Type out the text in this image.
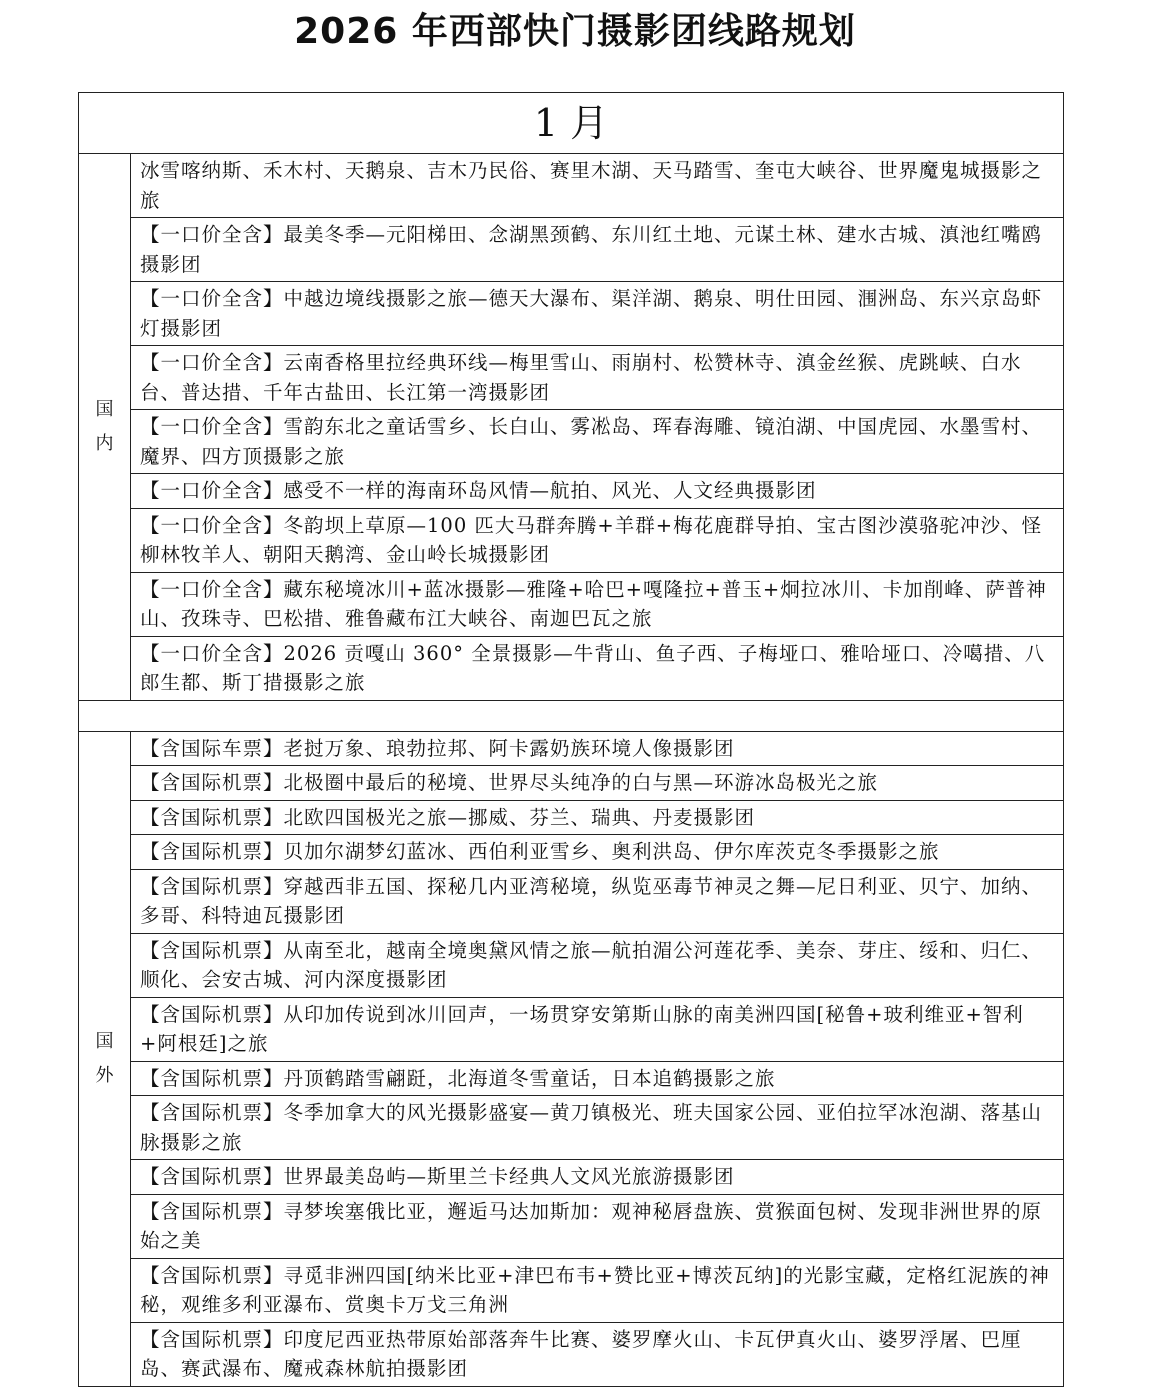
2026 年西部快门摄影团线路规划
1 月	

国
内	冰雪喀纳斯、禾木村、天鹅泉、吉木乃民俗、赛里木湖、天马踏雪、奎屯大峡谷、世界魔鬼城摄影之旅
	【一口价全含】最美冬季—元阳梯田、念湖黑颈鹤、东川红土地、元谋土林、建水古城、滇池红嘴鸥摄影团
	【一口价全含】中越边境线摄影之旅—德天大瀑布、渠洋湖、鹅泉、明仕田园、涠洲岛、东兴京岛虾灯摄影团
	【一口价全含】云南香格里拉经典环线—梅里雪山、雨崩村、松赞林寺、滇金丝猴、虎跳峡、白水台、普达措、千年古盐田、长江第一湾摄影团
	【一口价全含】雪韵东北之童话雪乡、长白山、雾凇岛、珲春海雕、镜泊湖、中国虎园、水墨雪村、魔界、四方顶摄影之旅
	【一口价全含】感受不一样的海南环岛风情—航拍、风光、人文经典摄影团
	【一口价全含】冬韵坝上草原—100 匹大马群奔腾+羊群+梅花鹿群导拍、宝古图沙漠骆驼冲沙、怪柳林牧羊人、朝阳天鹅湾、金山岭长城摄影团
	【一口价全含】藏东秘境冰川+蓝冰摄影—雅隆+哈巴+嘎隆拉+普玉+炯拉冰川、卡加削峰、萨普神山、孜珠寺、巴松措、雅鲁藏布江大峡谷、南迦巴瓦之旅
	【一口价全含】2026 贡嘎山 360° 全景摄影—牛背山、鱼子西、子梅垭口、雅哈垭口、冷噶措、八郎生都、斯丁措摄影之旅

国
外	【含国际车票】老挝万象、琅勃拉邦、阿卡露奶族环境人像摄影团
	【含国际机票】北极圈中最后的秘境、世界尽头纯净的白与黑—环游冰岛极光之旅
	【含国际机票】北欧四国极光之旅—挪威、芬兰、瑞典、丹麦摄影团
	【含国际机票】贝加尔湖梦幻蓝冰、西伯利亚雪乡、奥利洪岛、伊尔库茨克冬季摄影之旅
	【含国际机票】穿越西非五国、探秘几内亚湾秘境，纵览巫毒节神灵之舞—尼日利亚、贝宁、加纳、多哥、科特迪瓦摄影团
	【含国际机票】从南至北，越南全境奥黛风情之旅—航拍湄公河莲花季、美奈、芽庄、绥和、归仁、顺化、会安古城、河内深度摄影团
	【含国际机票】从印加传说到冰川回声，一场贯穿安第斯山脉的南美洲四国[秘鲁+玻利维亚+智利+阿根廷]之旅
	【含国际机票】丹顶鹤踏雪翩跹，北海道冬雪童话，日本追鹤摄影之旅
	【含国际机票】冬季加拿大的风光摄影盛宴—黄刀镇极光、班夫国家公园、亚伯拉罕冰泡湖、落基山脉摄影之旅
	【含国际机票】世界最美岛屿—斯里兰卡经典人文风光旅游摄影团
	【含国际机票】寻梦埃塞俄比亚，邂逅马达加斯加：观神秘唇盘族、赏猴面包树、发现非洲世界的原始之美
	【含国际机票】寻觅非洲四国[纳米比亚+津巴布韦+赞比亚+博茨瓦纳]的光影宝藏，定格红泥族的神秘，观维多利亚瀑布、赏奥卡万戈三角洲
	【含国际机票】印度尼西亚热带原始部落奔牛比赛、婆罗摩火山、卡瓦伊真火山、婆罗浮屠、巴厘岛、赛武瀑布、魔戒森林航拍摄影团
